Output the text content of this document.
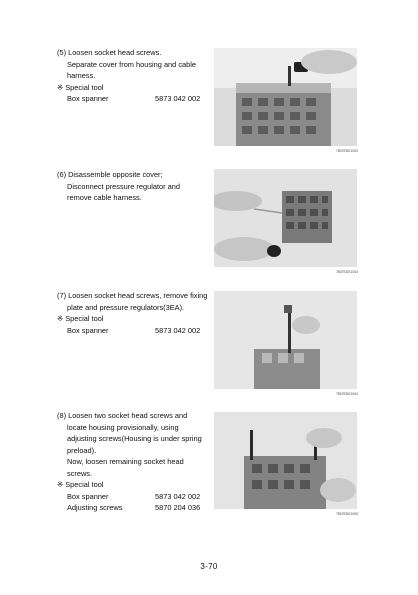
(5) Loosen socket head screws.
Separate cover from housing and cable
harness.
※ Special tool
Box spanner	5873 042 002
7807EDE1002
(6) Disassemble opposite cover;
Disconnect pressure regulator and
remove cable harness.
7807EDE1003
(7) Loosen socket head screws, remove fixing
plate and pressure regulators(3EA).
※ Special tool
Box spanner	5873 042 002
7807EDE1004
(8) Loosen two socket head screws and
locate housing provisionally, using
adjusting screws(Housing is under spring
preload).
Now, loosen remaining socket head
screws.
※ Special tool
Box spanner	5873 042 002
Adjusting screws	5870 204 036
7807EDE1005
3-70
